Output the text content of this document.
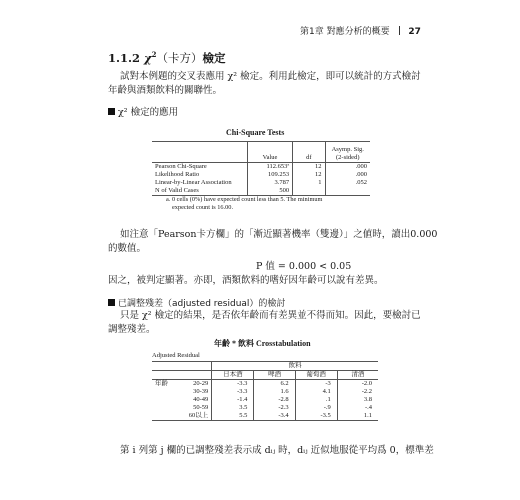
第1章 對應分析的概要 27
1.1.2 $\chi^2$（卡方）檢定
試對本例題的交叉表應用 χ² 檢定。利用此檢定，即可以統計的方式檢討
年齡與酒類飲料的關聯性。
χ² 檢定的應用
Chi-Square Tests
	Value	df	Asymp. Sig.
(2-sided)

Pearson Chi-Square	112.653ª	12	.000
Likelihood Ratio	109.253	12	.000
Linear-by-Linear Association	3.787	1	.052
N of Valid Cases	500		
a. 0 cells (0%) have expected count less than 5. The minimum
expected count is 16.00.
如注意「Pearson卡方欄」的「漸近顯著機率（雙邊）」之値時，讀出0.000
的數值。
P 值 = 0.000 < 0.05
因之，被判定顯著。亦即，酒類飲料的嗜好因年齡可以說有差異。
已調整殘差（adjusted residual）的檢討
只是 χ² 檢定的結果，是否依年齡而有差異並不得而知。因此，要檢討已
調整殘差。
年齡 * 飲料 Crosstabulation
Adjusted Residual
		飲料			
		日本酒	啤酒	葡萄酒	清酒
年齡	20-29	-3.3	6.2	-3	-2.0
	30-39	-3.3	1.6	4.1	-2.2
	40-49	-1.4	-2.8	.1	3.8
	50-59	3.5	-2.3	-.9	-.4
	60以上	5.5	-3.4	-3.5	1.1
第 i 列第 j 欄的已調整殘差表示成 dᵢⱼ 時，dᵢⱼ 近似地服從平均爲 0，標準差
